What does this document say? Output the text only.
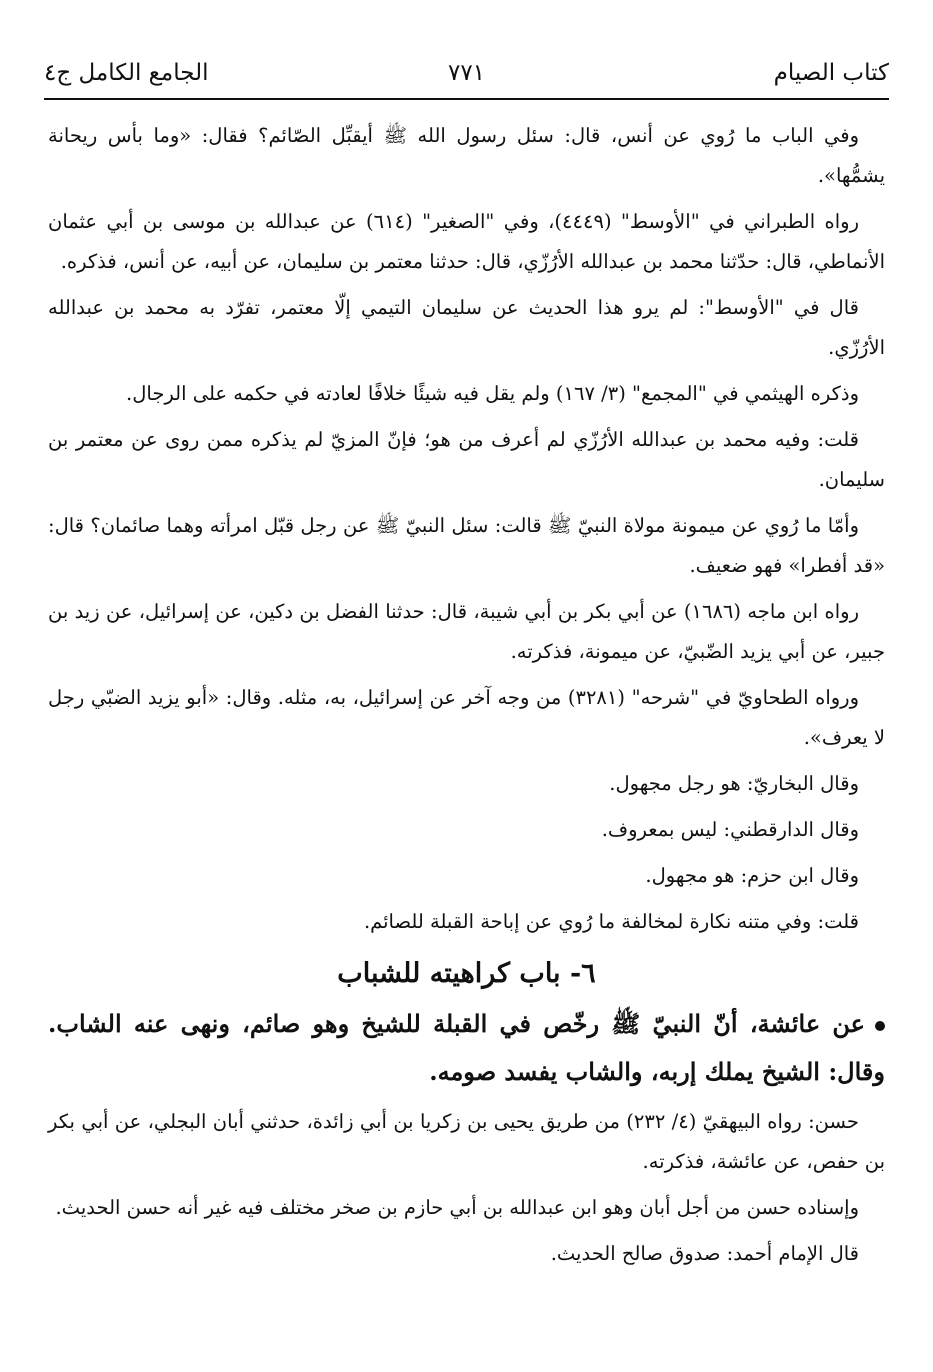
كتاب الصيام
٧٧١
الجامع الكامل ج٤

وفي الباب ما رُوي عن أنس، قال: سئل رسول الله ﷺ أيقبِّل الصّائم؟ فقال: «وما بأس ريحانة يشمُّها».

رواه الطبراني في "الأوسط" (٤٤٤٩)، وفي "الصغير" (٦١٤) عن عبدالله بن موسى بن أبي عثمان الأنماطي، قال: حدّثنا محمد بن عبدالله الأرُزّي، قال: حدثنا معتمر بن سليمان، عن أبيه، عن أنس، فذكره.

قال في "الأوسط": لم يرو هذا الحديث عن سليمان التيمي إلّا معتمر، تفرّد به محمد بن عبدالله الأرُزّي.

وذكره الهيثمي في "المجمع" (٣/ ١٦٧) ولم يقل فيه شيئًا خلافًا لعادته في حكمه على الرجال.

قلت: وفيه محمد بن عبدالله الأرُزّي لم أعرف من هو؛ فإنّ المزيّ لم يذكره ممن روى عن معتمر بن سليمان.

وأمّا ما رُوي عن ميمونة مولاة النبيّ ﷺ قالت: سئل النبيّ ﷺ عن رجل قبّل امرأته وهما صائمان؟ قال: «قد أفطرا» فهو ضعيف.

رواه ابن ماجه (١٦٨٦) عن أبي بكر بن أبي شيبة، قال: حدثنا الفضل بن دكين، عن إسرائيل، عن زيد بن جبير، عن أبي يزيد الضّبيّ، عن ميمونة، فذكرته.

ورواه الطحاويّ في "شرحه" (٣٢٨١) من وجه آخر عن إسرائيل، به، مثله. وقال: «أبو يزيد الضبّي رجل لا يعرف».

وقال البخاريّ: هو رجل مجهول.

وقال الدارقطني: ليس بمعروف.

وقال ابن حزم: هو مجهول.

قلت: وفي متنه نكارة لمخالفة ما رُوي عن إباحة القبلة للصائم.

٦- باب كراهيته للشباب

عن عائشة، أنّ النبيّ ﷺ رخّص في القبلة للشيخ وهو صائم، ونهى عنه الشاب. وقال: الشيخ يملك إربه، والشاب يفسد صومه.

حسن: رواه البيهقيّ (٤/ ٢٣٢) من طريق يحيى بن زكريا بن أبي زائدة، حدثني أبان البجلي، عن أبي بكر بن حفص، عن عائشة، فذكرته.

وإسناده حسن من أجل أبان وهو ابن عبدالله بن أبي حازم بن صخر مختلف فيه غير أنه حسن الحديث.

قال الإمام أحمد: صدوق صالح الحديث.
